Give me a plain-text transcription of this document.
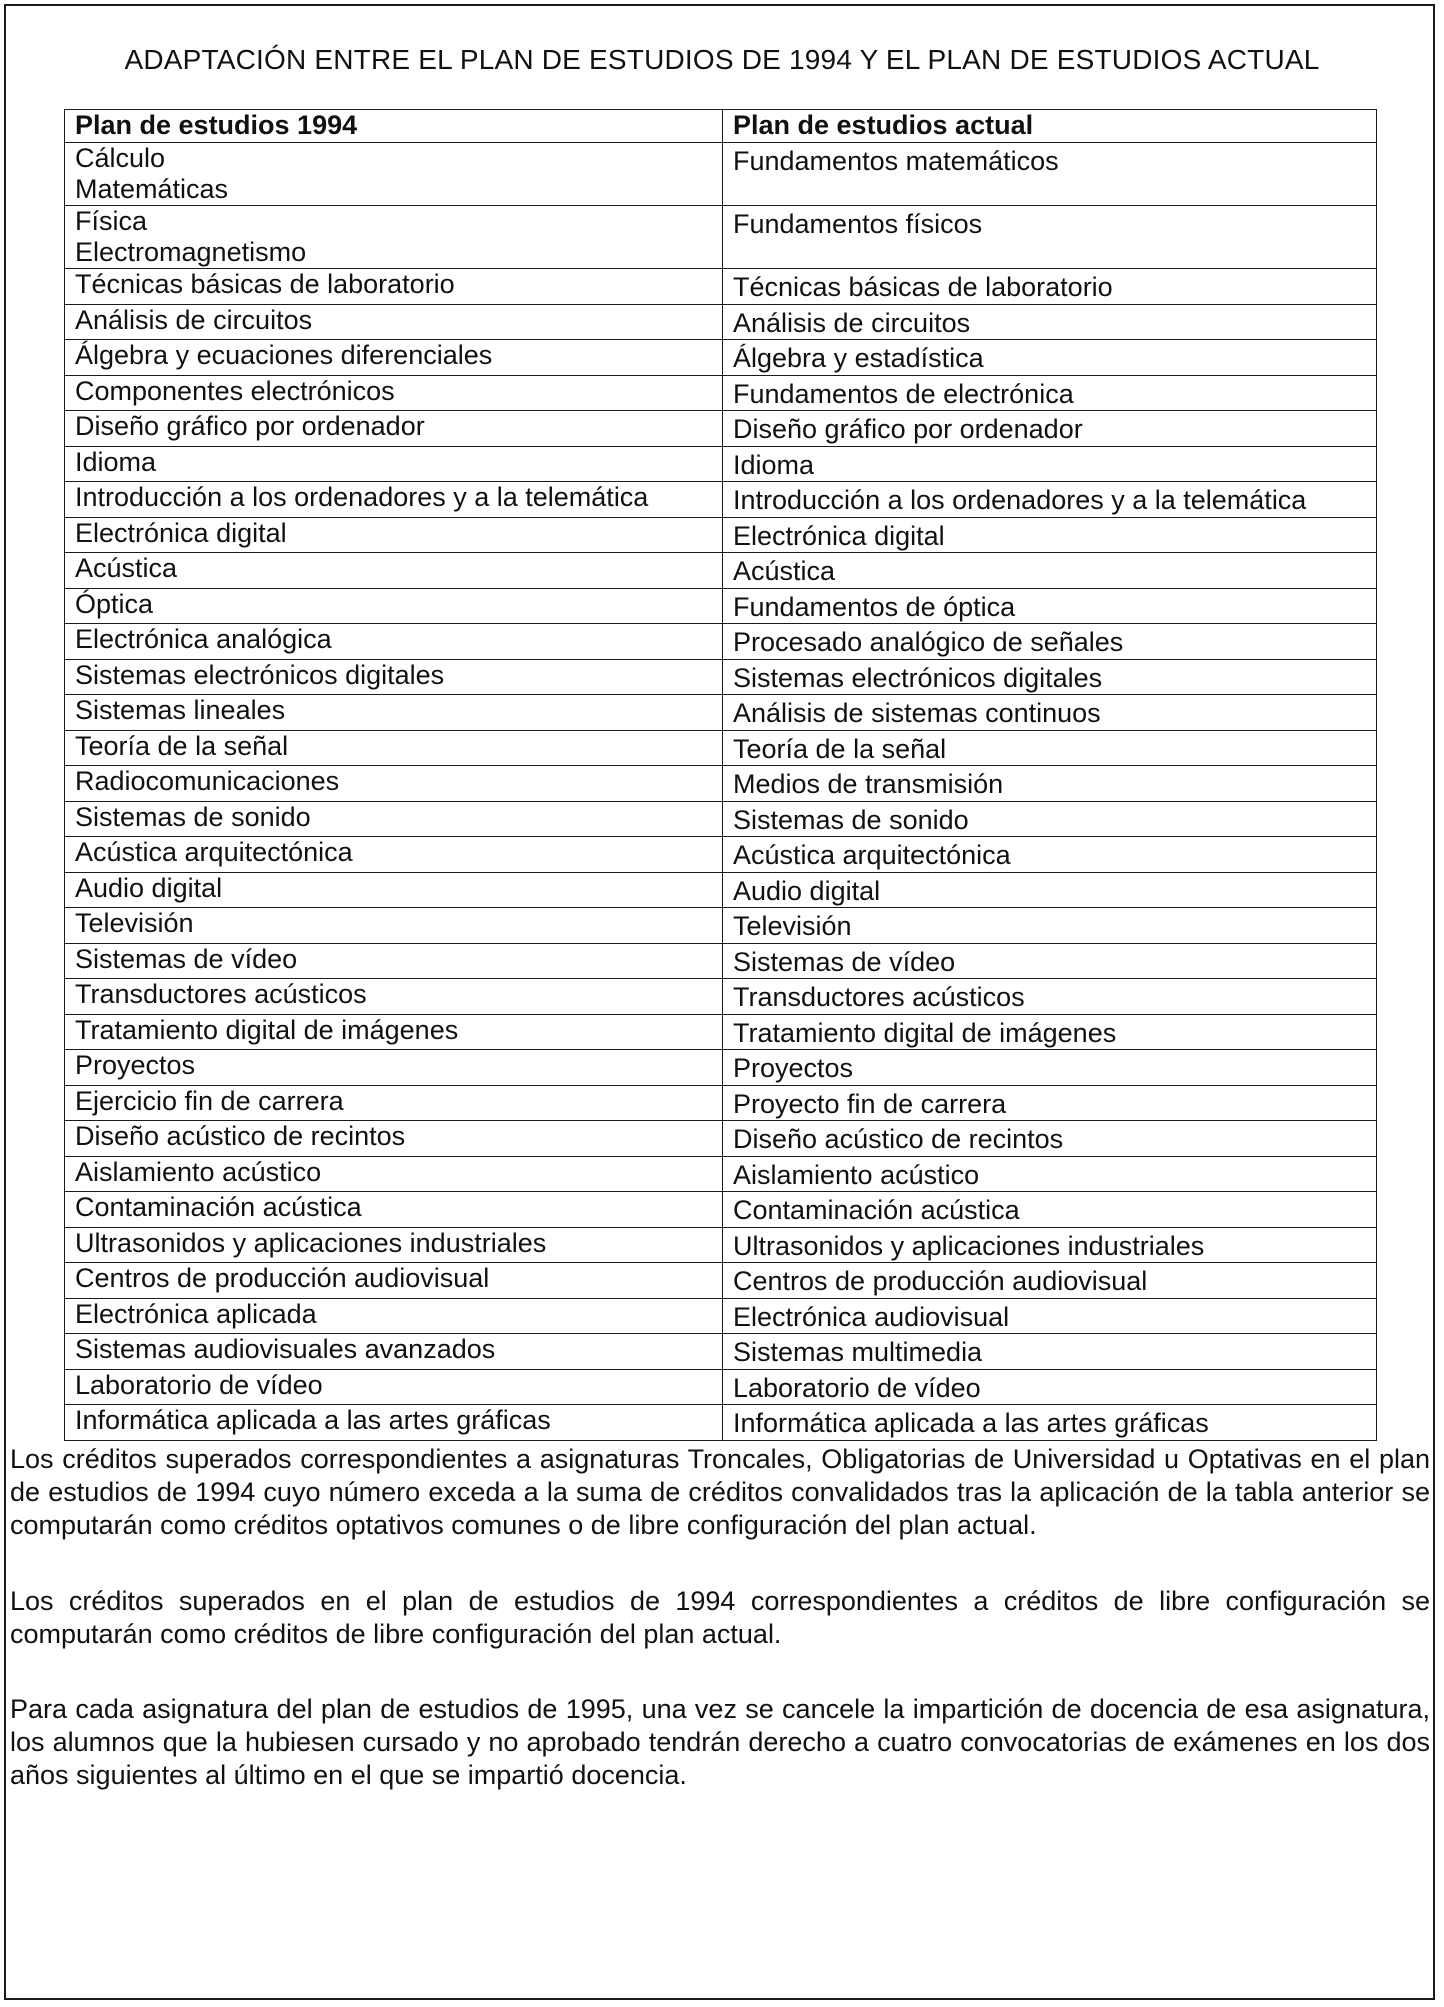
ADAPTACIÓN ENTRE EL PLAN DE ESTUDIOS DE 1994 Y EL PLAN DE ESTUDIOS ACTUAL
Plan de estudios 1994	Plan de estudios actual

Cálculo
Matemáticas	Fundamentos matemáticos

Física
Electromagnetismo	Fundamentos físicos

Técnicas básicas de laboratorio	Técnicas básicas de laboratorio

Análisis de circuitos	Análisis de circuitos

Álgebra y ecuaciones diferenciales	Álgebra y estadística

Componentes electrónicos	Fundamentos de electrónica

Diseño gráfico por ordenador	Diseño gráfico por ordenador

Idioma	Idioma

Introducción a los ordenadores y a la telemática	Introducción a los ordenadores y a la telemática

Electrónica digital	Electrónica digital

Acústica	Acústica

Óptica	Fundamentos de óptica

Electrónica analógica	Procesado analógico de señales

Sistemas electrónicos digitales	Sistemas electrónicos digitales

Sistemas lineales	Análisis de sistemas continuos

Teoría de la señal	Teoría de la señal

Radiocomunicaciones	Medios de transmisión

Sistemas de sonido	Sistemas de sonido

Acústica arquitectónica	Acústica arquitectónica

Audio digital	Audio digital

Televisión	Televisión

Sistemas de vídeo	Sistemas de vídeo

Transductores acústicos	Transductores acústicos

Tratamiento digital de imágenes	Tratamiento digital de imágenes

Proyectos	Proyectos

Ejercicio fin de carrera	Proyecto fin de carrera

Diseño acústico de recintos	Diseño acústico de recintos

Aislamiento acústico	Aislamiento acústico

Contaminación acústica	Contaminación acústica

Ultrasonidos y aplicaciones industriales	Ultrasonidos y aplicaciones industriales

Centros de producción audiovisual	Centros de producción audiovisual

Electrónica aplicada	Electrónica audiovisual

Sistemas audiovisuales avanzados	Sistemas multimedia

Laboratorio de vídeo	Laboratorio de vídeo

Informática aplicada a las artes gráficas	Informática aplicada a las artes gráficas

Los créditos superados correspondientes a asignaturas Troncales, Obligatorias de Universidad u Optativas en el plan de estudios de 1994 cuyo número exceda a la suma de créditos convalidados tras la aplicación de la tabla anterior se computarán como créditos optativos comunes o de libre configuración del plan actual.

Los créditos superados en el plan de estudios de 1994 correspondientes a créditos de libre configuración se computarán como créditos de libre configuración del plan actual.

Para cada asignatura del plan de estudios de 1995, una vez se cancele la impartición de docencia de esa asignatura, los alumnos que la hubiesen cursado y no aprobado tendrán derecho a cuatro convocatorias de exámenes en los dos años siguientes al último en el que se impartió docencia.
